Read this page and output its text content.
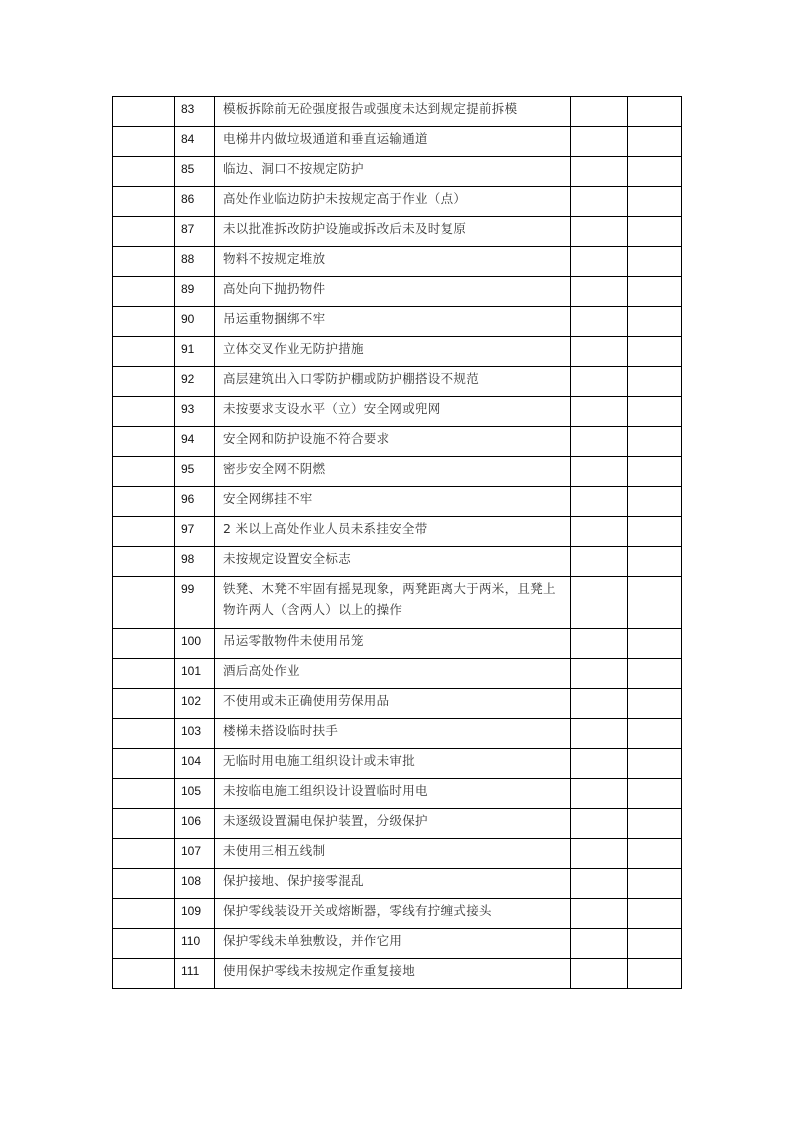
	83	模板拆除前无砼强度报告或强度未达到规定提前拆模		
	84	电梯井内做垃圾通道和垂直运输通道		
	85	临边、洞口不按规定防护		
	86	高处作业临边防护未按规定高于作业（点）		
	87	未以批准拆改防护设施或拆改后未及时复原		
	88	物料不按规定堆放		
	89	高处向下抛扔物件		
	90	吊运重物捆绑不牢		
	91	立体交叉作业无防护措施		
	92	高层建筑出入口零防护棚或防护棚搭设不规范		
	93	未按要求支设水平（立）安全网或兜网		
	94	安全网和防护设施不符合要求		
	95	密步安全网不阴燃		
	96	安全网绑挂不牢		
	97	2 米以上高处作业人员未系挂安全带		
	98	未按规定设置安全标志		
	99	铁凳、木凳不牢固有摇晃现象，两凳距离大于两米，且凳上物许两人（含两人）以上的操作		
	100	吊运零散物件未使用吊笼		
	101	酒后高处作业		
	102	不使用或未正确使用劳保用品		
	103	楼梯未搭设临时扶手		
	104	无临时用电施工组织设计或未审批		
	105	未按临电施工组织设计设置临时用电		
	106	未逐级设置漏电保护装置，分级保护		
	107	未使用三相五线制		
	108	保护接地、保护接零混乱		
	109	保护零线装设开关或熔断器，零线有拧缠式接头		
	110	保护零线未单独敷设，并作它用		
	111	使用保护零线未按规定作重复接地		
